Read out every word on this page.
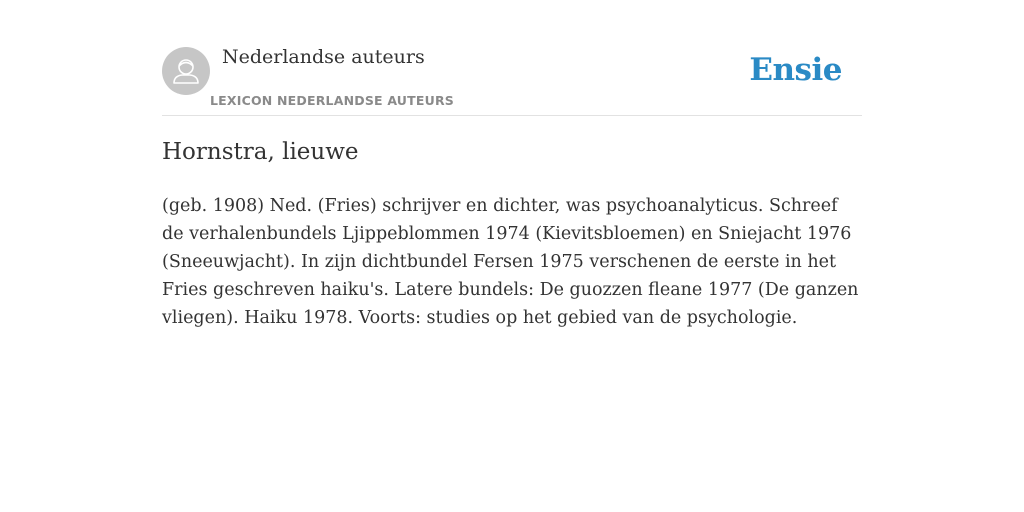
Nederlandse auteurs
LEXICON NEDERLANDSE AUTEURS
Ensie
Hornstra, lieuwe

(geb. 1908) Ned. (Fries) schrijver en dichter, was psychoanalyticus. Schreef de verhalenbundels Ljippeblommen 1974 (Kievitsbloemen) en Sniejacht 1976 (Sneeuwjacht). In zijn dichtbundel Fersen 1975 verschenen de eerste in het Fries geschreven haiku's. Latere bundels: De guozzen fleane 1977 (De ganzen vliegen). Haiku 1978. Voorts: studies op het gebied van de psychologie.
